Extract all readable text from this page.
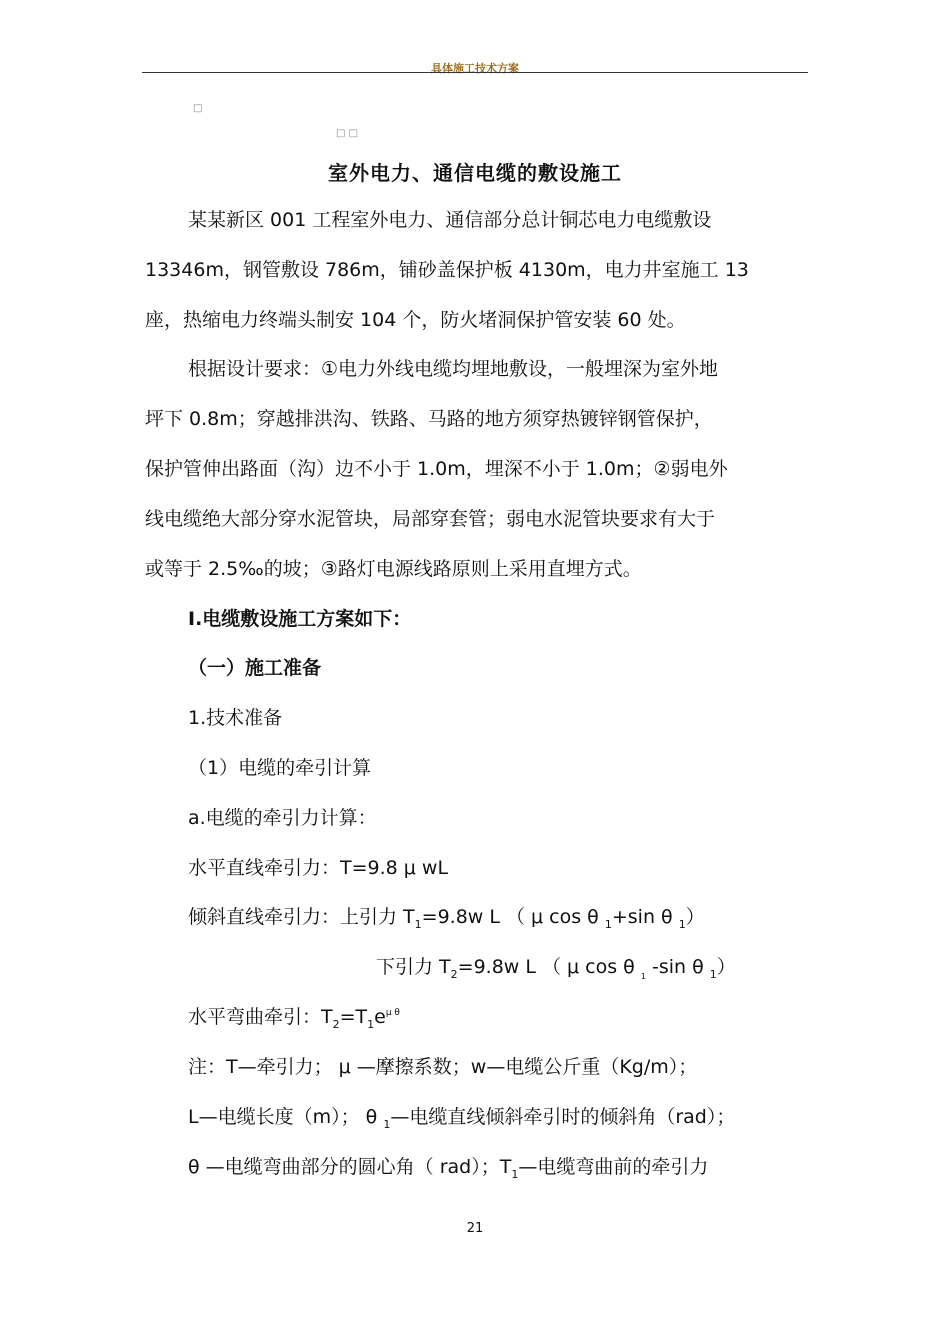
具体施工技术方案
□
□ □
室外电力、通信电缆的敷设施工
某某新区 001 工程室外电力、通信部分总计铜芯电力电缆敷设
13346m，钢管敷设 786m，铺砂盖保护板 4130m，电力井室施工 13
座，热缩电力终端头制安 104 个，防火堵洞保护管安装 60 处。
根据设计要求：①电力外线电缆均埋地敷设，一般埋深为室外地
坪下 0.8m；穿越排洪沟、铁路、马路的地方须穿热镀锌钢管保护，
保护管伸出路面（沟）边不小于 1.0m，埋深不小于 1.0m；②弱电外
线电缆绝大部分穿水泥管块，局部穿套管；弱电水泥管块要求有大于
或等于 2.5‰的坡；③路灯电源线路原则上采用直埋方式。
I.电缆敷设施工方案如下：
（一）施工准备
1.技术准备
（1）电缆的牵引计算
a.电缆的牵引力计算：
水平直线牵引力：T=9.8 μ wL
倾斜直线牵引力：上引力 $T_1=9.8w$ L （ μ cos θ $_1$+sin θ $_1$）
下引力 $T_2=9.8w$ L （ μ cos θ $_1$ -sin θ $_1$）
水平弯曲牵引：$T_2=T_1e^{\mu \theta}$
注：T—牵引力； μ —摩擦系数；w—电缆公斤重（Kg/m）；
L—电缆长度（m）； θ $_1$—电缆直线倾斜牵引时的倾斜角（rad）；
θ —电缆弯曲部分的圆心角（ rad）；$T_1—$电缆弯曲前的牵引力
21
